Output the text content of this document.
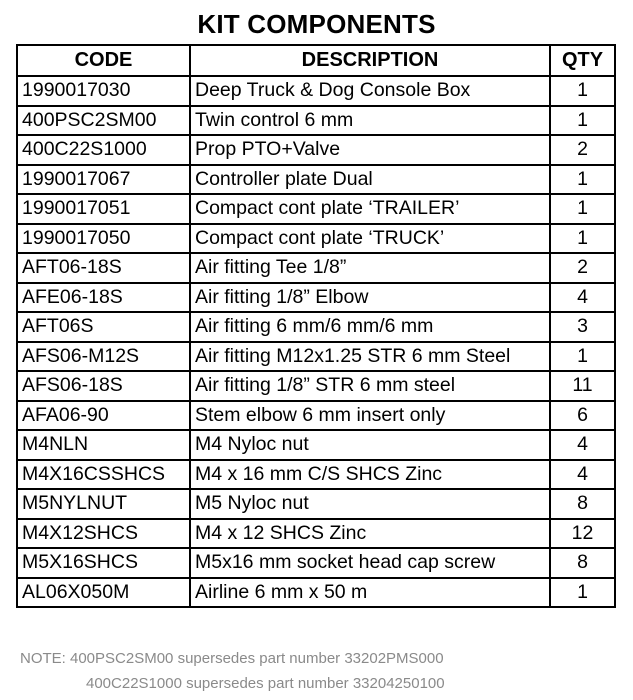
KIT COMPONENTS
CODE	DESCRIPTION	QTY
1990017030	Deep Truck & Dog Console Box	1
400PSC2SM00	Twin control 6 mm	1
400C22S1000	Prop PTO+Valve	2
1990017067	Controller plate Dual	1
1990017051	Compact cont plate ‘TRAILER’	1
1990017050	Compact cont plate ‘TRUCK’	1
AFT06-18S	Air fitting Tee 1/8”	2
AFE06-18S	Air fitting 1/8” Elbow	4
AFT06S	Air fitting 6 mm/6 mm/6 mm	3
AFS06-M12S	Air fitting M12x1.25 STR 6 mm Steel	1
AFS06-18S	Air fitting 1/8” STR 6 mm steel	11
AFA06-90	Stem elbow 6 mm insert only	6
M4NLN	M4 Nyloc nut	4
M4X16CSSHCS	M4 x 16 mm C/S SHCS Zinc	4
M5NYLNUT	M5 Nyloc nut	8
M4X12SHCS	M4 x 12 SHCS Zinc	12
M5X16SHCS	M5x16 mm socket head cap screw	8
AL06X050M	Airline 6 mm x 50 m	1
NOTE: 400PSC2SM00 supersedes part number 33202PMS000
400C22S1000 supersedes part number 33204250100
